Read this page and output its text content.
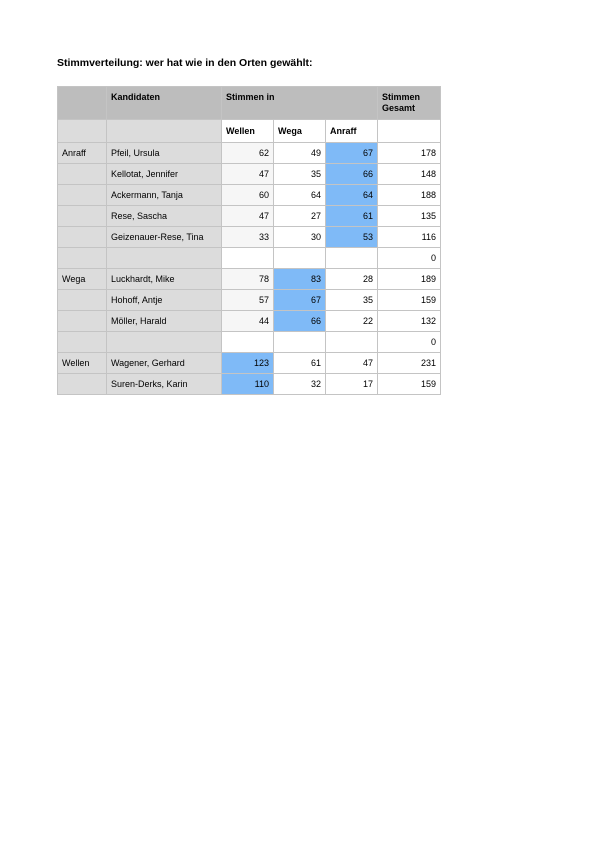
Stimmverteilung: wer hat wie in den Orten gewählt:
	Kandidaten	Stimmen in			Stimmen
Gesamt
		Wellen	Wega	Anraff	
Anraff	Pfeil, Ursula	62	49	67	178
	Kellotat, Jennifer	47	35	66	148
	Ackermann, Tanja	60	64	64	188
	Rese, Sascha	47	27	61	135
	Geizenauer-Rese, Tina	33	30	53	116
					0
Wega	Luckhardt, Mike	78	83	28	189
	Hohoff, Antje	57	67	35	159
	Möller, Harald	44	66	22	132
					0
Wellen	Wagener, Gerhard	123	61	47	231
	Suren-Derks, Karin	110	32	17	159
